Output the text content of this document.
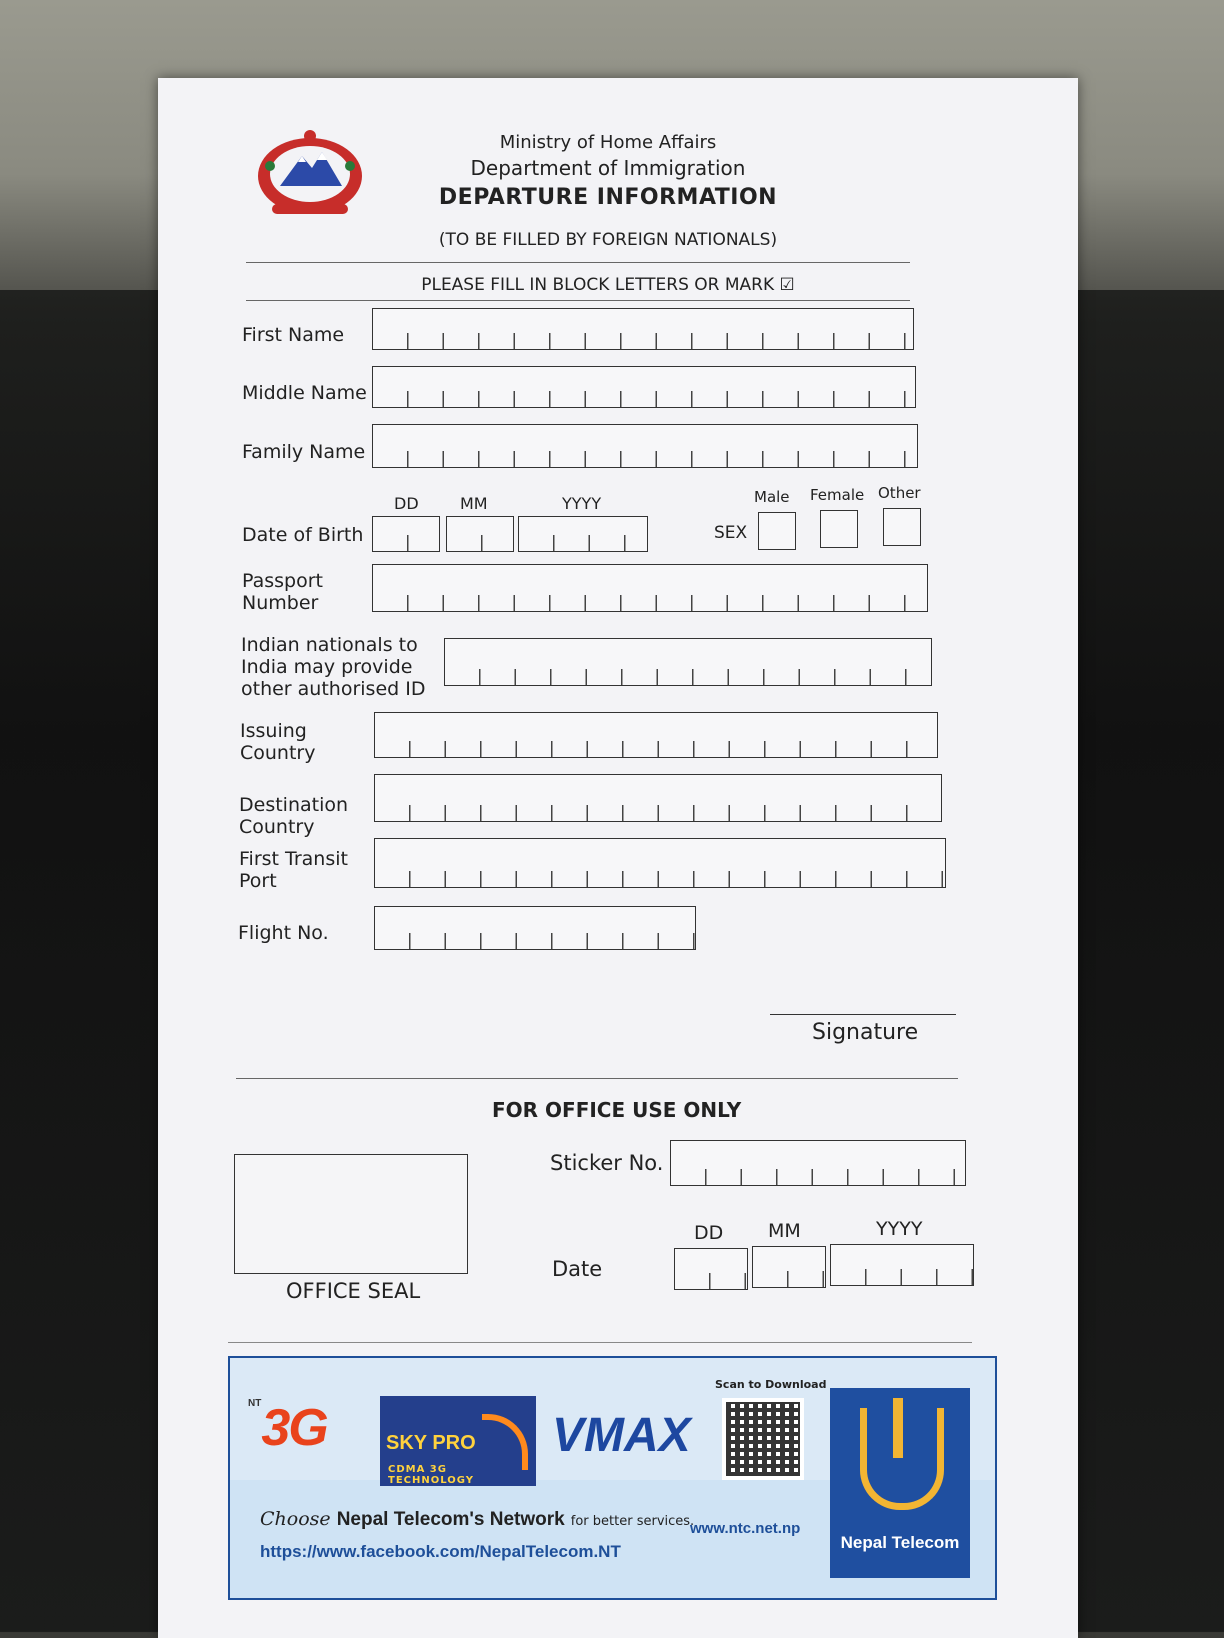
Ministry of Home Affairs
Department of Immigration
DEPARTURE INFORMATION
(TO BE FILLED BY FOREIGN NATIONALS)
PLEASE FILL IN BLOCK LETTERS OR MARK ☑
First Name
Middle Name
Family Name
DD	MM	YYYY
Date of Birth
Male Female Other
SEX
Passport
Number
Indian nationals to
India may provide
other authorised ID
Issuing
Country
Destination
Country
First Transit
Port
Flight No.
Signature
FOR OFFICE USE ONLY
OFFICE SEAL
Sticker No.
DD MM	YYYY
Date
$^{NT}$3G	SKY PRO
CDMA 3G TECHNOLOGY
VMAX
Scan to Download
Nepal Telecom
Choose Nepal Telecom's Network for better services.
www.ntc.net.np
https://www.facebook.com/NepalTelecom.NT
